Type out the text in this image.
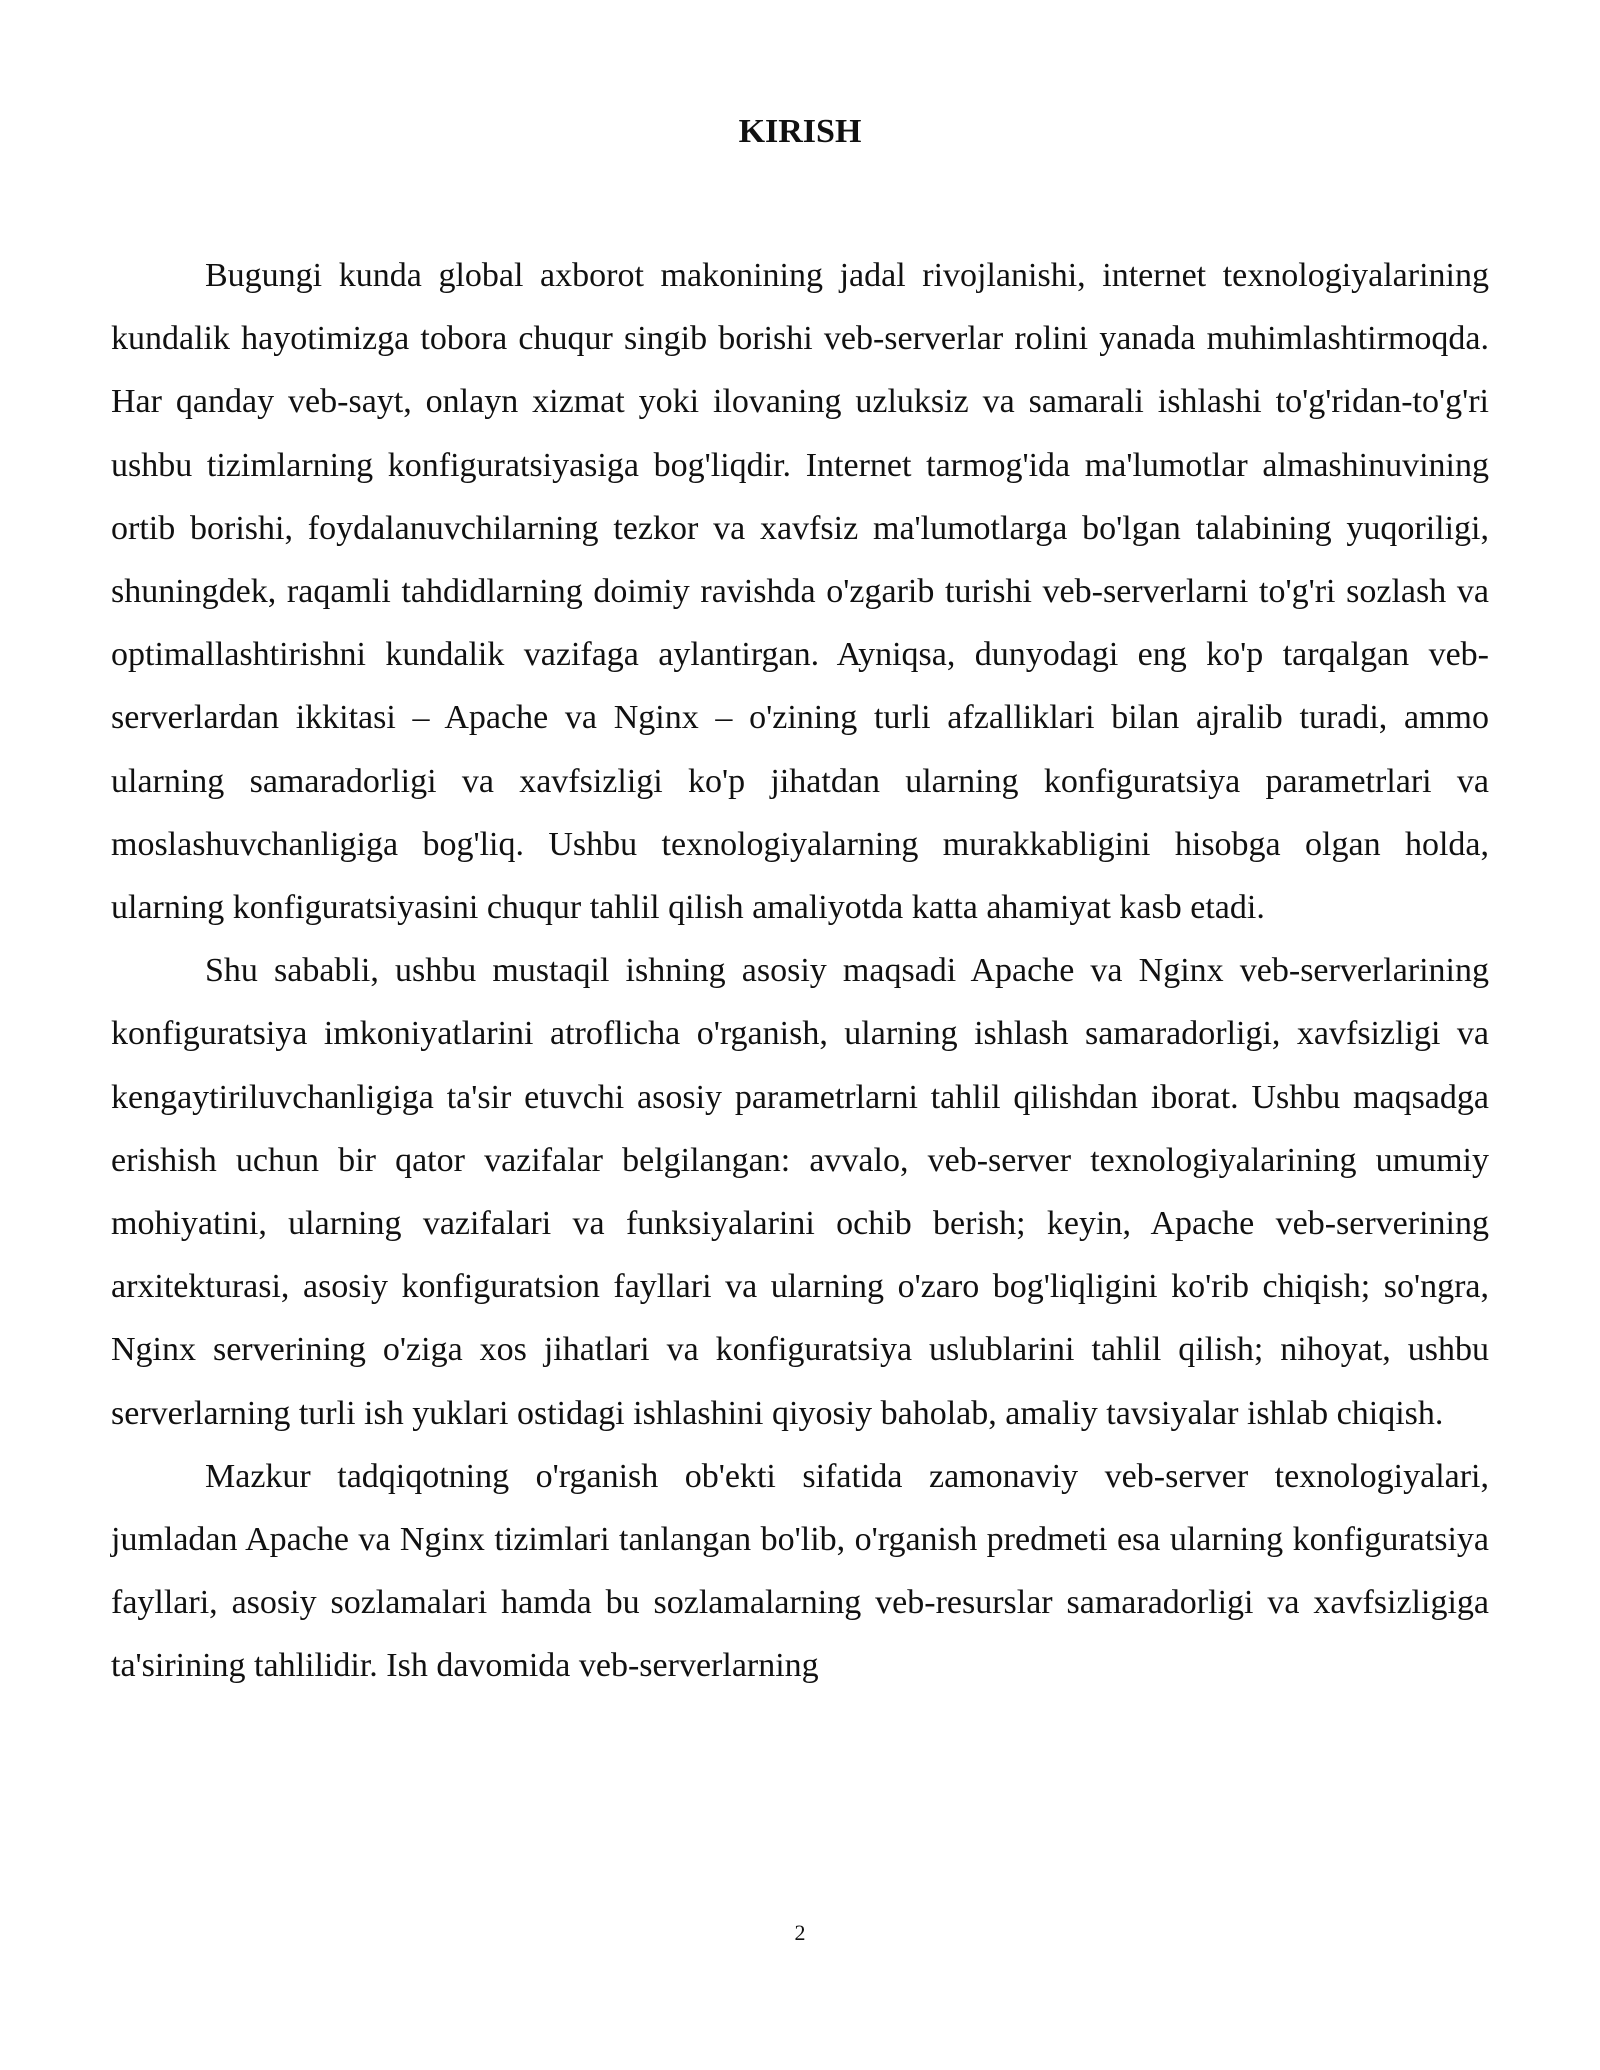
KIRISH

Bugungi kunda global axborot makonining jadal rivojlanishi, internet texnologiyalarining kundalik hayotimizga tobora chuqur singib borishi veb-serverlar rolini yanada muhimlashtirmoqda. Har qanday veb-sayt, onlayn xizmat yoki ilovaning uzluksiz va samarali ishlashi to'g'ridan-to'g'ri ushbu tizimlarning konfiguratsiyasiga bog'liqdir. Internet tarmog'ida ma'lumotlar almashinuvining ortib borishi, foydalanuvchilarning tezkor va xavfsiz ma'lumotlarga bo'lgan talabining yuqoriligi, shuningdek, raqamli tahdidlarning doimiy ravishda o'zgarib turishi veb-serverlarni to'g'ri sozlash va optimallashtirishni kundalik vazifaga aylantirgan. Ayniqsa, dunyodagi eng ko'p tarqalgan veb-serverlardan ikkitasi – Apache va Nginx – o'zining turli afzalliklari bilan ajralib turadi, ammo ularning samaradorligi va xavfsizligi ko'p jihatdan ularning konfiguratsiya parametrlari va moslashuvchanligiga bog'liq. Ushbu texnologiyalarning murakkabligini hisobga olgan holda, ularning konfiguratsiyasini chuqur tahlil qilish amaliyotda katta ahamiyat kasb etadi.

Shu sababli, ushbu mustaqil ishning asosiy maqsadi Apache va Nginx veb-serverlarining konfiguratsiya imkoniyatlarini atroflicha o'rganish, ularning ishlash samaradorligi, xavfsizligi va kengaytiriluvchanligiga ta'sir etuvchi asosiy parametrlarni tahlil qilishdan iborat. Ushbu maqsadga erishish uchun bir qator vazifalar belgilangan: avvalo, veb-server texnologiyalarining umumiy mohiyatini, ularning vazifalari va funksiyalarini ochib berish; keyin, Apache veb-serverining arxitekturasi, asosiy konfiguratsion fayllari va ularning o'zaro bog'liqligini ko'rib chiqish; so'ngra, Nginx serverining o'ziga xos jihatlari va konfiguratsiya uslublarini tahlil qilish; nihoyat, ushbu serverlarning turli ish yuklari ostidagi ishlashini qiyosiy baholab, amaliy tavsiyalar ishlab chiqish.

Mazkur tadqiqotning o'rganish ob'ekti sifatida zamonaviy veb-server texnologiyalari, jumladan Apache va Nginx tizimlari tanlangan bo'lib, o'rganish predmeti esa ularning konfiguratsiya fayllari, asosiy sozlamalari hamda bu sozlamalarning veb-resurslar samaradorligi va xavfsizligiga ta'sirining tahlilidir. Ish davomida veb-serverlarning

2
